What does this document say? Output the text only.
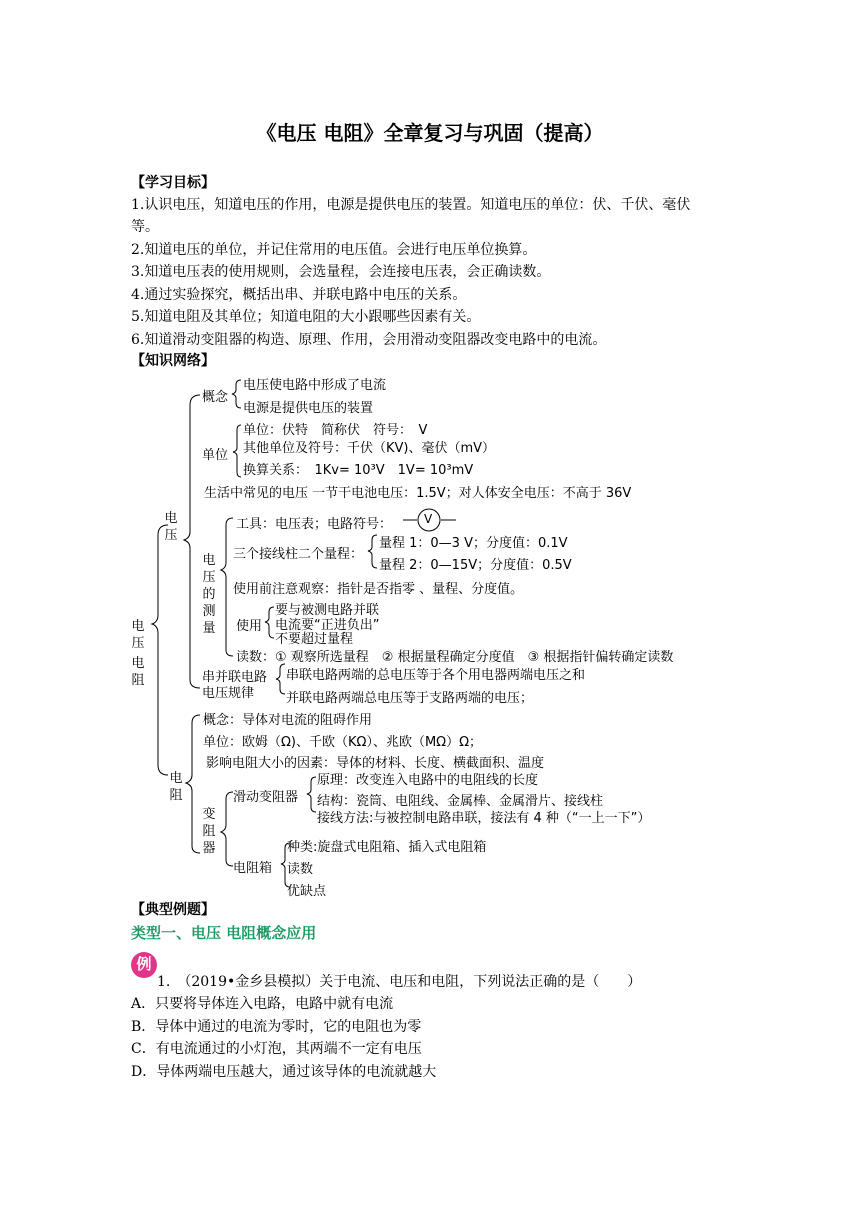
《电压 电阻》全章复习与巩固（提高）
【学习目标】
1.认识电压，知道电压的作用，电源是提供电压的装置。知道电压的单位：伏、千伏、毫伏
等。
2.知道电压的单位，并记住常用的电压值。会进行电压单位换算。
3.知道电压表的使用规则，会选量程，会连接电压表，会正确读数。
4.通过实验探究，概括出串、并联电路中电压的关系。
5.知道电阻及其单位；知道电阻的大小跟哪些因素有关。
6.知道滑动变阻器的构造、原理、作用，会用滑动变阻器改变电路中的电流。
【知识网络】
电压
电阻
电压
概念
电压使电路中形成了电流
电源是提供电压的装置
单位
单位：伏特　简称伏　符号：　V
其他单位及符号：千伏（KV)、毫伏（mV）
换算关系：　1Kv= 10³V　1V= 10³mV
生活中常见的电压 一节干电池电压：1.5V；对人体安全电压：不高于 36V
电压的测量
工具：电压表；电路符号：	V
三个接线柱二个量程：
量程 1：0—3 V；分度值：0.1V
量程 2：0—15V；分度值：0.5V
使用前注意观察：指针是否指零 、量程、分度值。
使用
要与被测电路并联
电流要“正进负出”
不要超过量程
读数：① 观察所选量程　② 根据量程确定分度值　③ 根据指针偏转确定读数
串并联电路
电压规律
串联电路两端的总电压等于各个用电器两端电压之和
并联电路两端总电压等于支路两端的电压；
电阻
概念：导体对电流的阻碍作用
单位：欧姆（Ω)、千欧（KΩ）、兆欧（MΩ）Ω；
影响电阻大小的因素：导体的材料、长度、横截面积、温度
变阻器
滑动变阻器
原理：改变连入电路中的电阻线的长度
结构：瓷筒、电阻线、金属棒、金属滑片、接线柱
接线方法:与被控制电路串联，接法有 4 种（“一上一下”）
电阻箱
种类:旋盘式电阻箱、插入式电阻箱
读数
优缺点
【典型例题】
类型一、电压 电阻概念应用
例
1.　（2019•金乡县模拟）关于电流、电压和电阻，下列说法正确的是（　　）
A．只要将导体连入电路，电路中就有电流
B．导体中通过的电流为零时，它的电阻也为零
C．有电流通过的小灯泡，其两端不一定有电压
D．导体两端电压越大，通过该导体的电流就越大
